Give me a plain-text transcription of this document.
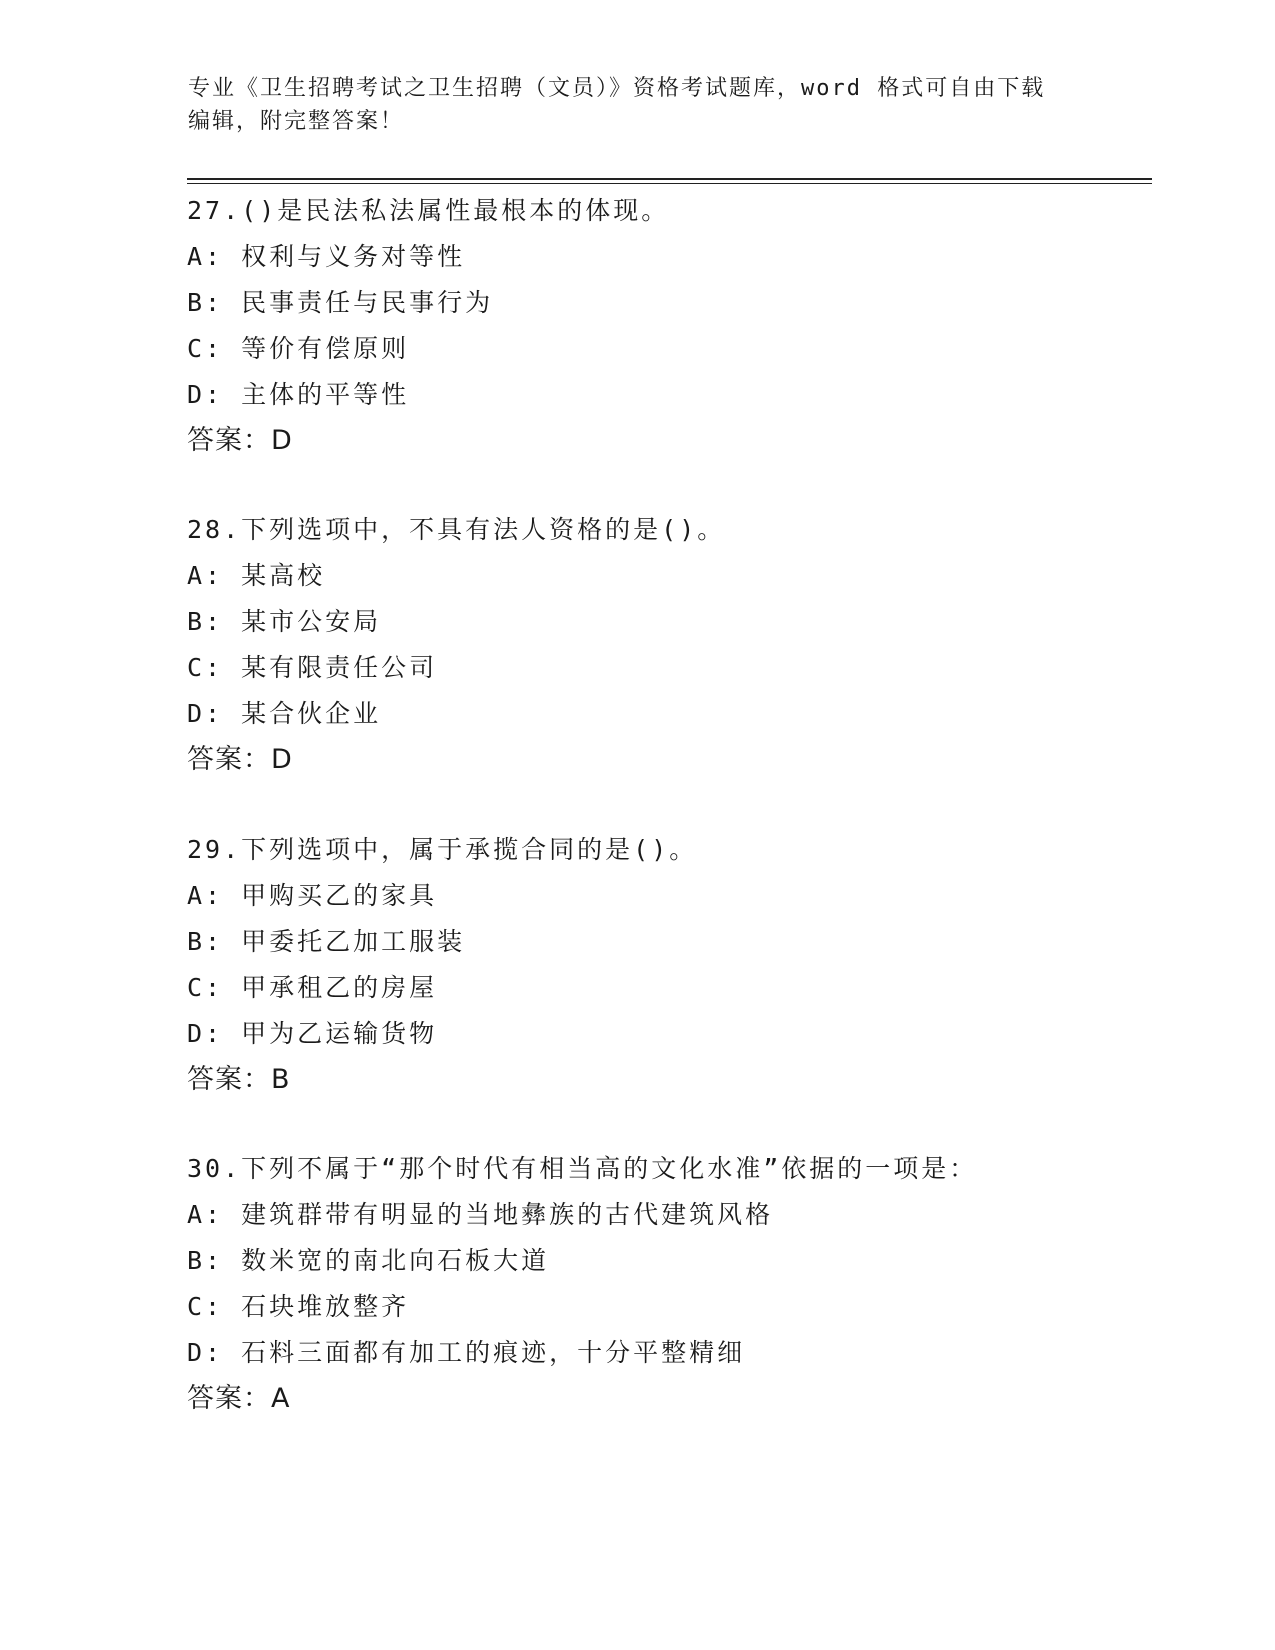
专业《卫生招聘考试之卫生招聘（文员）》资格考试题库，word 格式可自由下载
编辑，附完整答案！
27.()是民法私法属性最根本的体现。
A: 权利与义务对等性
B: 民事责任与民事行为
C: 等价有偿原则
D: 主体的平等性
答案：D
28.下列选项中，不具有法人资格的是()。
A: 某高校
B: 某市公安局
C: 某有限责任公司
D: 某合伙企业
答案：D
29.下列选项中，属于承揽合同的是()。
A: 甲购买乙的家具
B: 甲委托乙加工服装
C: 甲承租乙的房屋
D: 甲为乙运输货物
答案：B
30.下列不属于“那个时代有相当高的文化水准”依据的一项是：
A: 建筑群带有明显的当地彝族的古代建筑风格
B: 数米宽的南北向石板大道
C: 石块堆放整齐
D: 石料三面都有加工的痕迹，十分平整精细
答案：A
